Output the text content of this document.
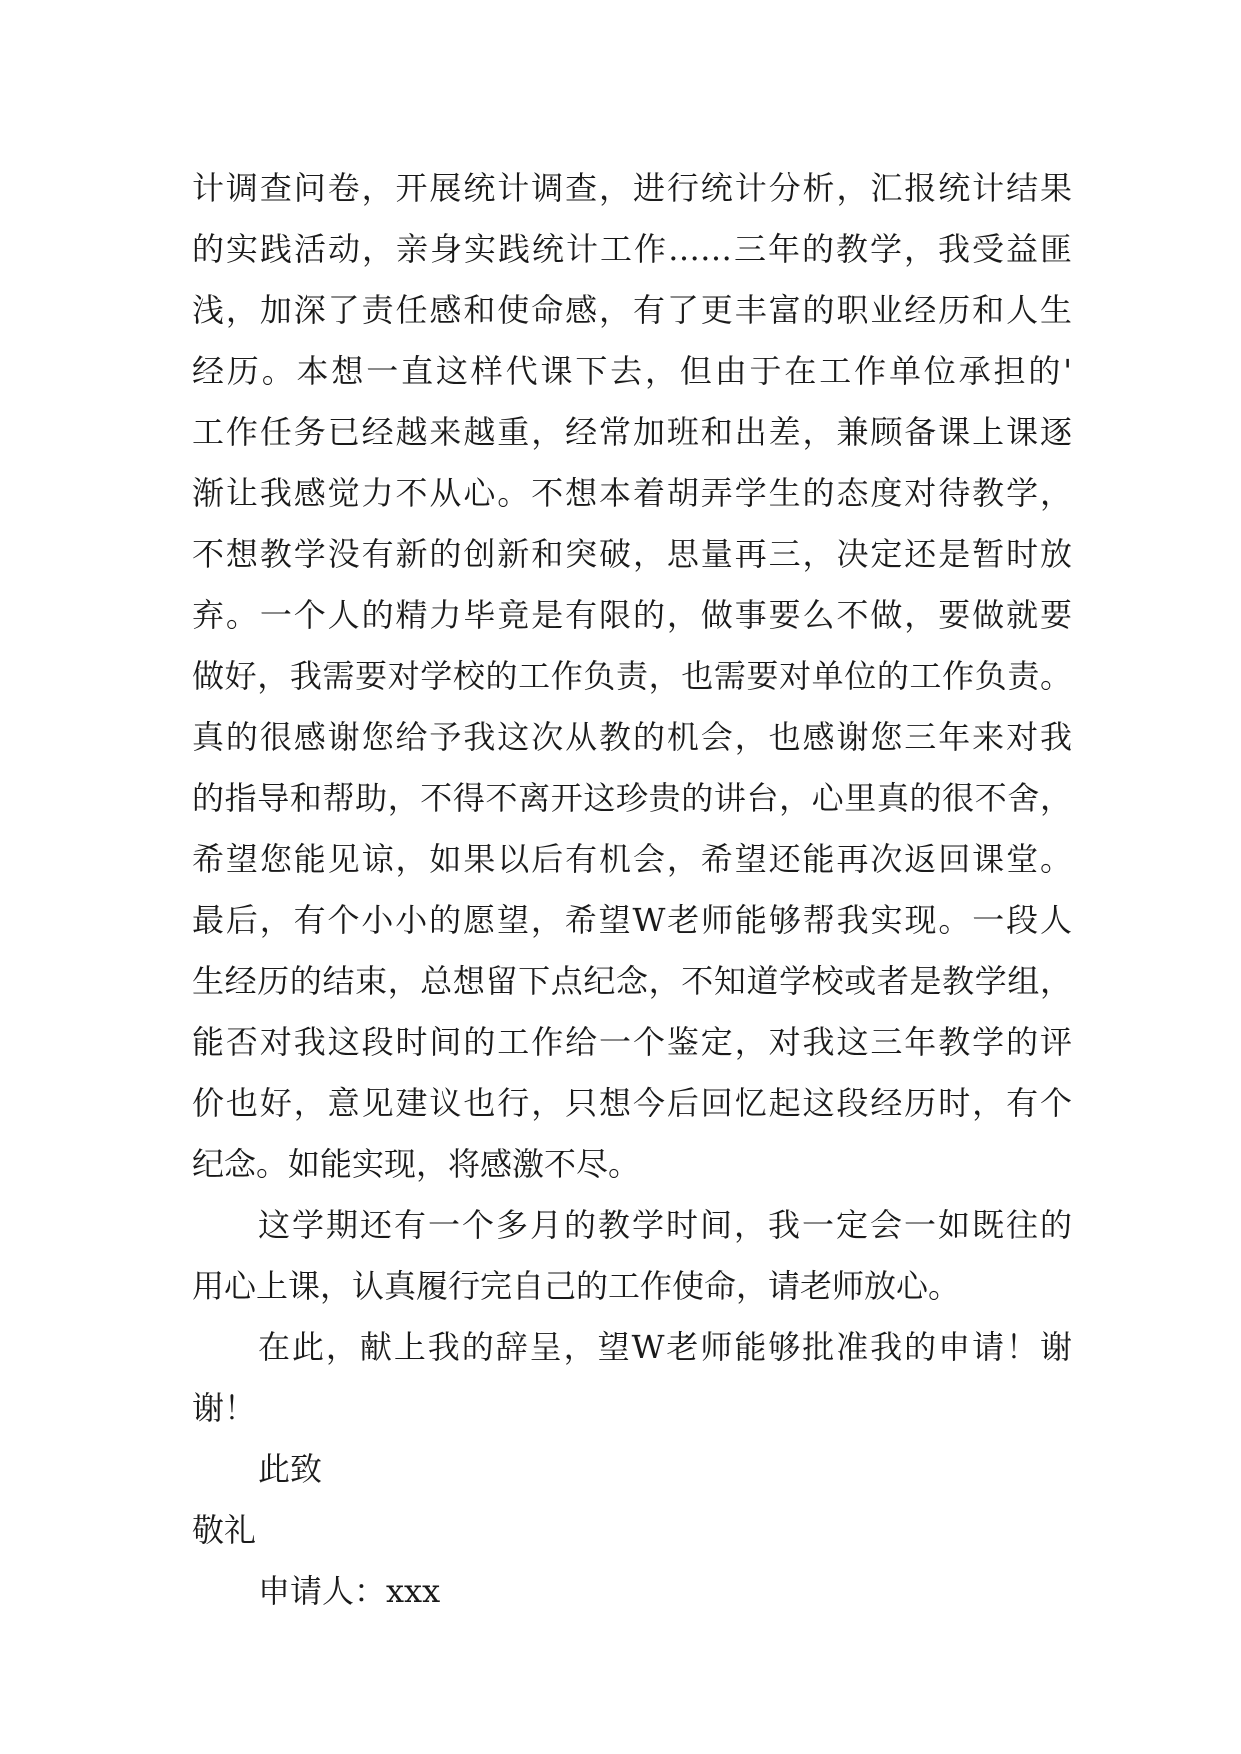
计调查问卷，开展统计调查，进行统计分析，汇报统计结果
的实践活动，亲身实践统计工作……三年的教学，我受益匪
浅，加深了责任感和使命感，有了更丰富的职业经历和人生
经历。本想一直这样代课下去，但由于在工作单位承担的'
工作任务已经越来越重，经常加班和出差，兼顾备课上课逐
渐让我感觉力不从心。不想本着胡弄学生的态度对待教学，
不想教学没有新的创新和突破，思量再三，决定还是暂时放
弃。一个人的精力毕竟是有限的，做事要么不做，要做就要
做好，我需要对学校的工作负责，也需要对单位的工作负责。
真的很感谢您给予我这次从教的机会，也感谢您三年来对我
的指导和帮助，不得不离开这珍贵的讲台，心里真的很不舍，
希望您能见谅，如果以后有机会，希望还能再次返回课堂。
最后，有个小小的愿望，希望W老师能够帮我实现。一段人
生经历的结束，总想留下点纪念，不知道学校或者是教学组，
能否对我这段时间的工作给一个鉴定，对我这三年教学的评
价也好，意见建议也行，只想今后回忆起这段经历时，有个
纪念。如能实现，将感激不尽。
这学期还有一个多月的教学时间，我一定会一如既往的
用心上课，认真履行完自己的工作使命，请老师放心。
在此，献上我的辞呈，望W老师能够批准我的申请！谢
谢！
此致
敬礼
申请人：xxx
